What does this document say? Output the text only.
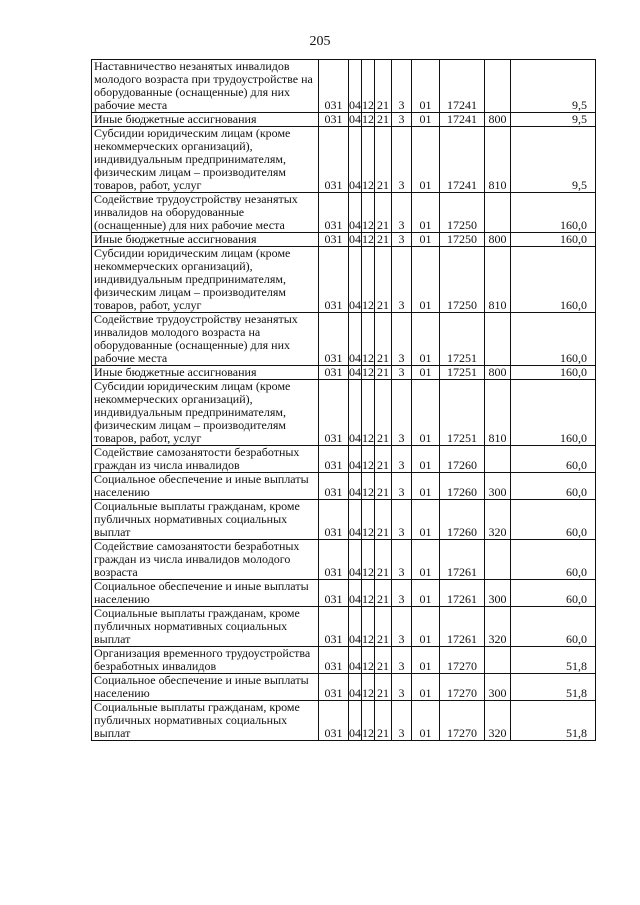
205
Наставничество незанятых инвалидов молодого возраста при трудоустройстве на оборудованные (оснащенные) для них рабочие места	031	04	12	21	3	01	17241		9,5
Иные бюджетные ассигнования	031	04	12	21	3	01	17241	800	9,5
Субсидии юридическим лицам (кроме некоммерческих организаций), индивидуальным предпринимателям, физическим лицам – производителям товаров, работ, услуг	031	04	12	21	3	01	17241	810	9,5
Содействие трудоустройству незанятых инвалидов на оборудованные (оснащенные) для них рабочие места	031	04	12	21	3	01	17250		160,0
Иные бюджетные ассигнования	031	04	12	21	3	01	17250	800	160,0
Субсидии юридическим лицам (кроме некоммерческих организаций), индивидуальным предпринимателям, физическим лицам – производителям товаров, работ, услуг	031	04	12	21	3	01	17250	810	160,0
Содействие трудоустройству незанятых инвалидов молодого возраста на оборудованные (оснащенные) для них рабочие места	031	04	12	21	3	01	17251		160,0
Иные бюджетные ассигнования	031	04	12	21	3	01	17251	800	160,0
Субсидии юридическим лицам (кроме некоммерческих организаций), индивидуальным предпринимателям, физическим лицам – производителям товаров, работ, услуг	031	04	12	21	3	01	17251	810	160,0
Содействие самозанятости безработных граждан из числа инвалидов	031	04	12	21	3	01	17260		60,0
Социальное обеспечение и иные выплаты населению	031	04	12	21	3	01	17260	300	60,0
Социальные выплаты гражданам, кроме публичных нормативных социальных выплат	031	04	12	21	3	01	17260	320	60,0
Содействие самозанятости безработных граждан из числа инвалидов молодого возраста	031	04	12	21	3	01	17261		60,0
Социальное обеспечение и иные выплаты населению	031	04	12	21	3	01	17261	300	60,0
Социальные выплаты гражданам, кроме публичных нормативных социальных выплат	031	04	12	21	3	01	17261	320	60,0
Организация временного трудоустройства безработных инвалидов	031	04	12	21	3	01	17270		51,8
Социальное обеспечение и иные выплаты населению	031	04	12	21	3	01	17270	300	51,8
Социальные выплаты гражданам, кроме публичных нормативных социальных выплат	031	04	12	21	3	01	17270	320	51,8
